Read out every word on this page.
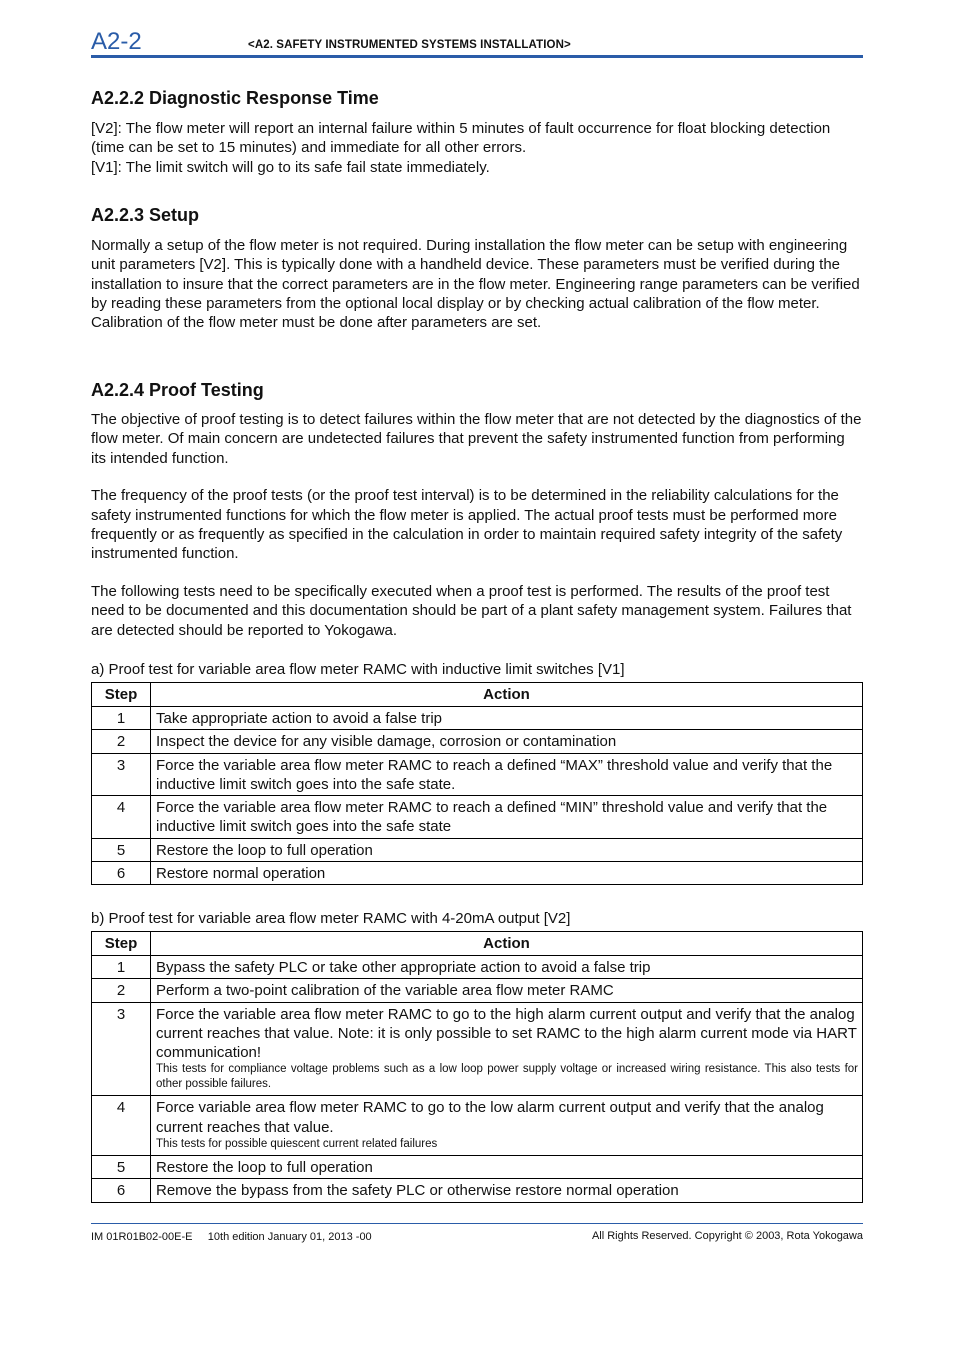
A2-2	<A2. SAFETY INSTRUMENTED SYSTEMS INSTALLATION>
A2.2.2 Diagnostic Response Time

[V2]: The flow meter will report an internal failure within 5 minutes of fault occurrence for float blocking detection (time can be set to 15 minutes) and immediate for all other errors.

[V1]: The limit switch will go to its safe fail state immediately.

A2.2.3 Setup

Normally a setup of the flow meter is not required. During installation the flow meter can be setup with engineering unit parameters [V2]. This is typically done with a handheld device. These parameters must be verified during the installation to insure that the correct parameters are in the flow meter. Engineering range parameters can be verified by reading these parameters from the optional local display or by checking actual calibration of the flow meter.

Calibration of the flow meter must be done after parameters are set.

A2.2.4 Proof Testing

The objective of proof testing is to detect failures within the flow meter that are not detected by the diagnostics of the flow meter. Of main concern are undetected failures that prevent the safety instrumented function from performing its intended function.

The frequency of the proof tests (or the proof test interval) is to be determined in the reliability calculations for the safety instrumented functions for which the flow meter is applied. The actual proof tests must be performed more frequently or as frequently as specified in the calculation in order to maintain required safety integrity of the safety instrumented function.

The following tests need to be specifically executed when a proof test is performed. The results of the proof test need to be documented and this documentation should be part of a plant safety management system. Failures that are detected should be reported to Yokogawa.

a) Proof test for variable area flow meter RAMC with inductive limit switches [V1]
Step	Action
1	Take appropriate action to avoid a false trip
2	Inspect the device for any visible damage, corrosion or contamination
3	Force the variable area flow meter RAMC to reach a defined “MAX” threshold value and verify that the inductive limit switch goes into the safe state.
4	Force the variable area flow meter RAMC to reach a defined “MIN” threshold value and verify that the inductive limit switch goes into the safe state
5	Restore the loop to full operation
6	Restore normal operation
b) Proof test for variable area flow meter RAMC with 4-20mA output [V2]
Step	Action
1	Bypass the safety PLC or take other appropriate action to avoid a false trip
2	Perform a two-point calibration of the variable area flow meter RAMC
3	Force the variable area flow meter RAMC to go to the high alarm current output and verify that the analog current reaches that value. Note: it is only possible to set RAMC to the high alarm current mode via HART communication!
This tests for compliance voltage problems such as a low loop power supply voltage or increased wiring resistance. This also tests for other possible failures.

4	Force variable area flow meter RAMC to go to the low alarm current output and verify that the analog current reaches that value.
This tests for possible quiescent current related failures

5	Restore the loop to full operation
6	Remove the bypass from the safety PLC or otherwise restore normal operation
IM 01R01B02-00E-E     10th edition January 01, 2013 -00	All Rights Reserved. Copyright © 2003, Rota Yokogawa
